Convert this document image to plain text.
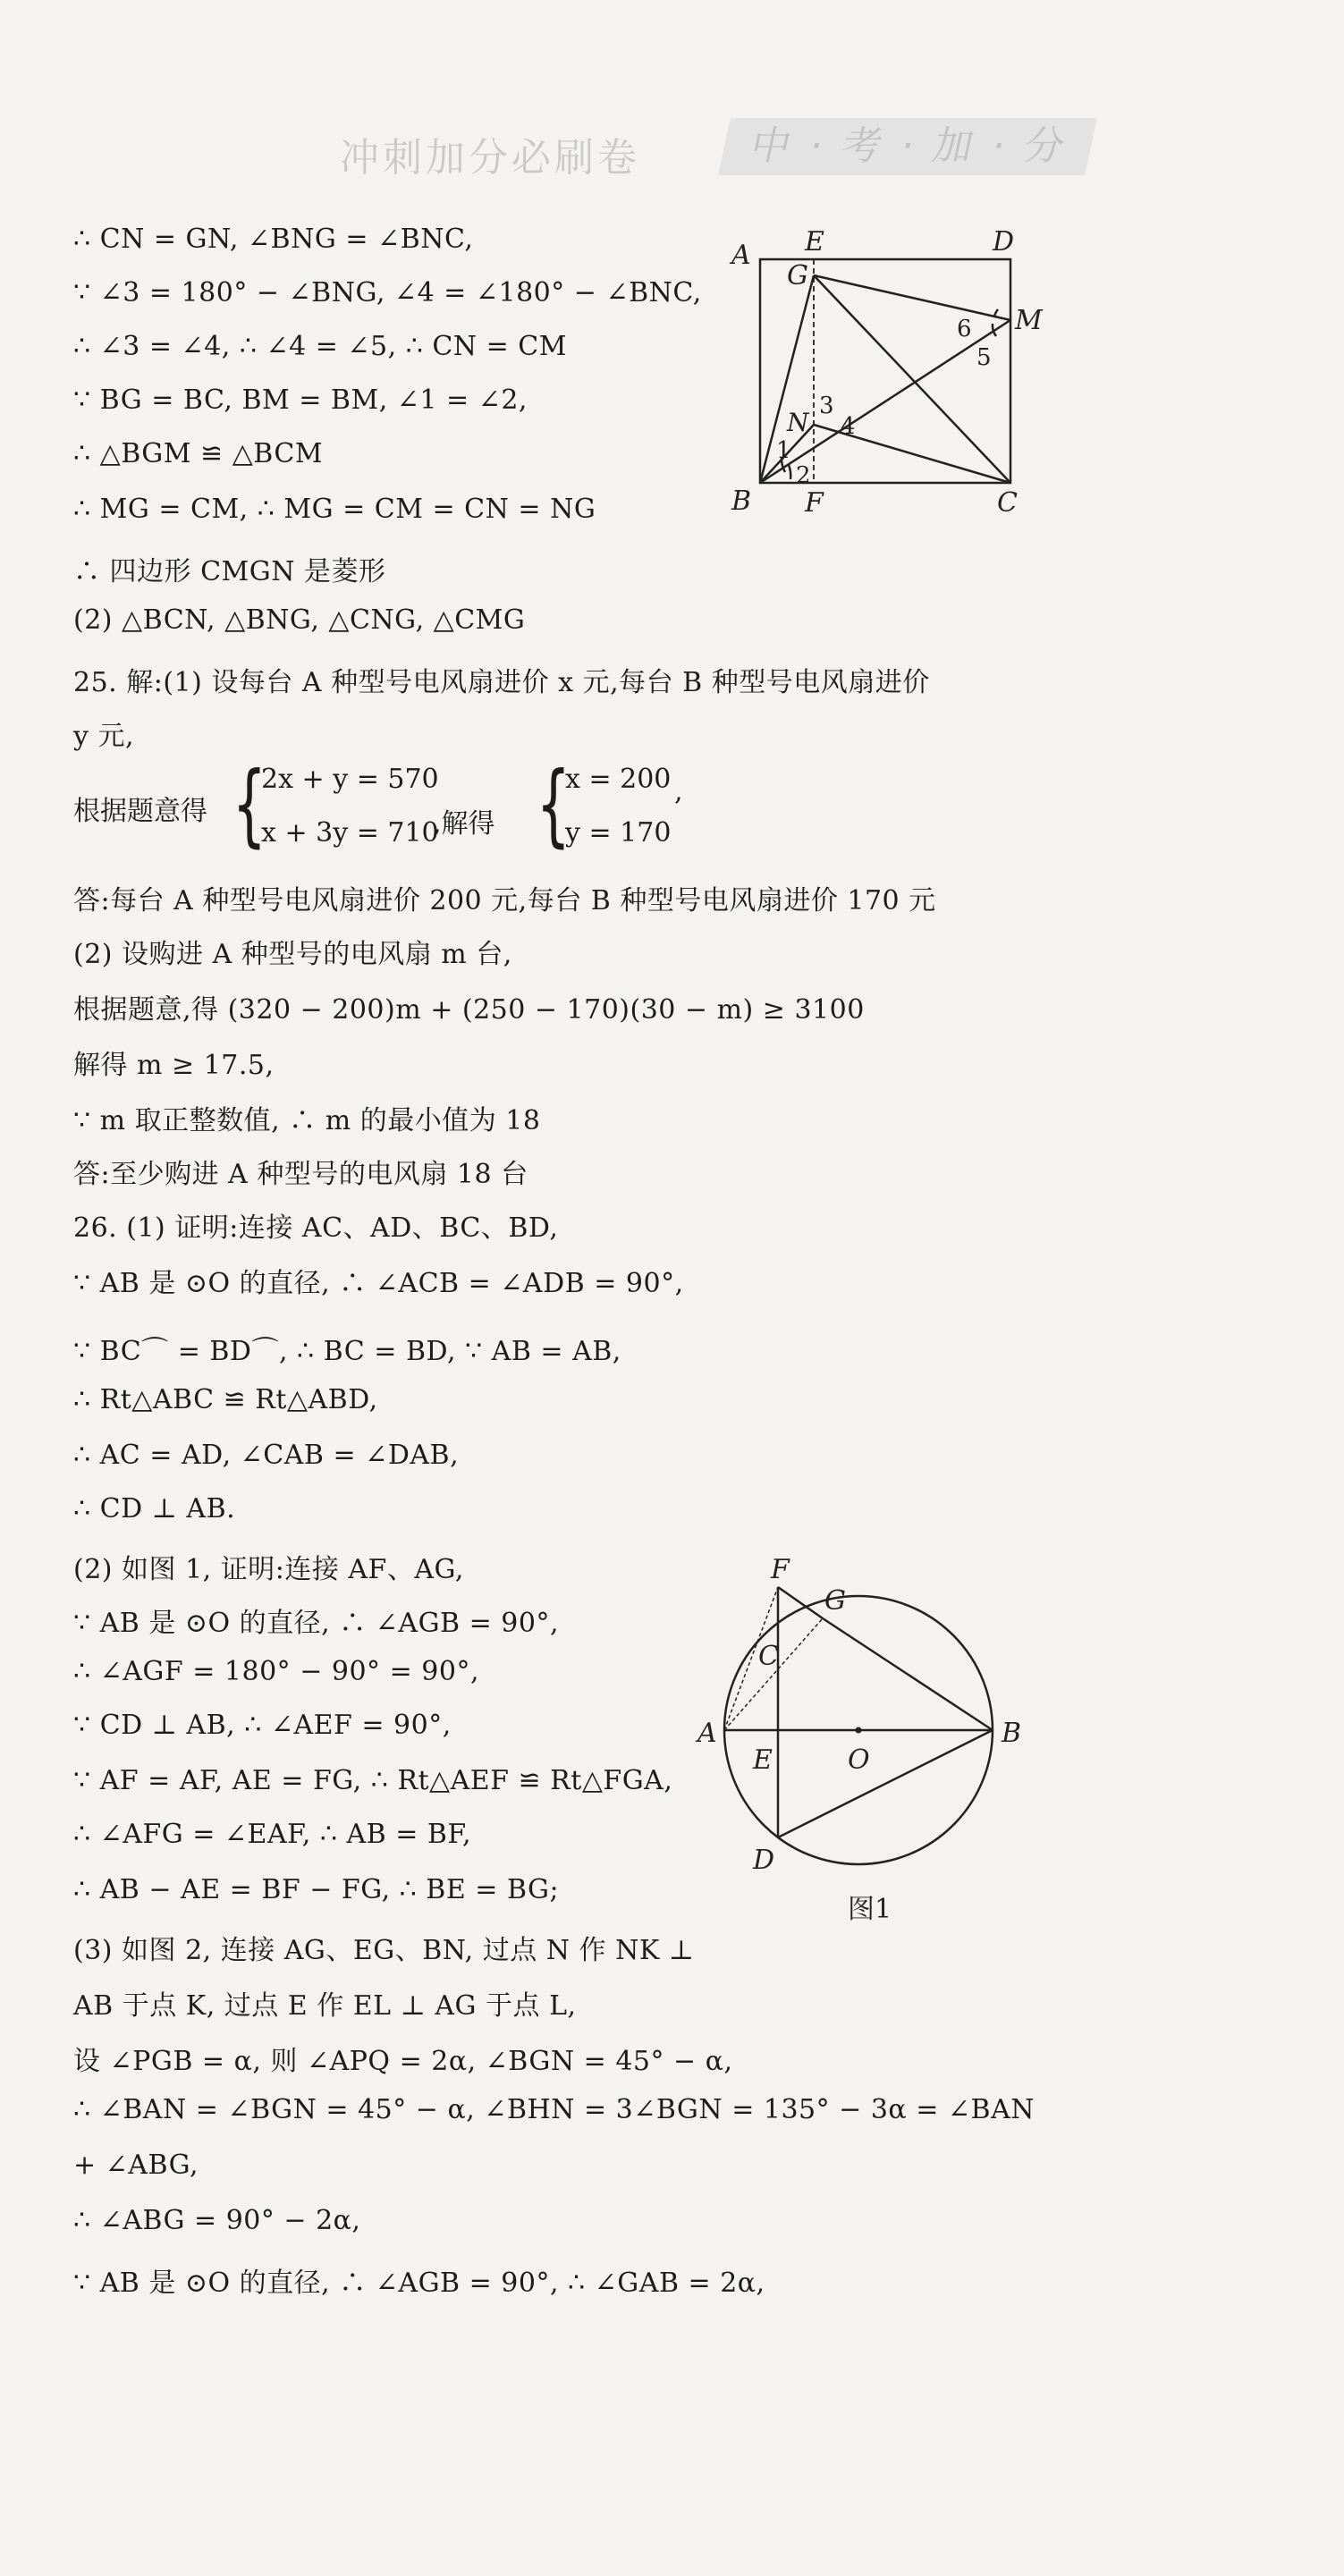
冲刺加分必刷卷	中 · 考 · 加 · 分
∴ CN = GN, ∠BNG = ∠BNC,
∵ ∠3 = 180° − ∠BNG, ∠4 = ∠180° − ∠BNC,
∴ ∠3 = ∠4, ∴ ∠4 = ∠5, ∴ CN = CM
∵ BG = BC, BM = BM, ∠1 = ∠2,
∴ △BGM ≌ △BCM
∴ MG = CM, ∴ MG = CM = CN = NG
∴ 四边形 CMGN 是菱形
(2) △BCN, △BNG, △CNG, △CMG
25. 解:(1) 设每台 A 种型号电风扇进价 x 元,每台 B 种型号电风扇进价
y 元,
根据题意得 {
2x + y = 570
x + 3y = 710
,解得 {
x = 200
y = 170
,
答:每台 A 种型号电风扇进价 200 元,每台 B 种型号电风扇进价 170 元
(2) 设购进 A 种型号的电风扇 m 台,
根据题意,得 (320 − 200)m + (250 − 170)(30 − m) ≥ 3100
解得 m ≥ 17.5,
∵ m 取正整数值, ∴ m 的最小值为 18
答:至少购进 A 种型号的电风扇 18 台
26. (1) 证明:连接 AC、AD、BC、BD,
∵ AB 是 ⊙O 的直径, ∴ ∠ACB = ∠ADB = 90°,
∵ BC⌒ = BD⌒, ∴ BC = BD, ∵ AB = AB,
∴ Rt△ABC ≌ Rt△ABD,
∴ AC = AD, ∠CAB = ∠DAB,
∴ CD ⊥ AB.
(2) 如图 1, 证明:连接 AF、AG,
∵ AB 是 ⊙O 的直径, ∴ ∠AGB = 90°,
∴ ∠AGF = 180° − 90° = 90°,
∵ CD ⊥ AB, ∴ ∠AEF = 90°,
∵ AF = AF, AE = FG, ∴ Rt△AEF ≌ Rt△FGA,
∴ ∠AFG = ∠EAF, ∴ AB = BF,
∴ AB − AE = BF − FG, ∴ BE = BG;
(3) 如图 2, 连接 AG、EG、BN, 过点 N 作 NK ⊥
AB 于点 K, 过点 E 作 EL ⊥ AG 于点 L,
设 ∠PGB = α, 则 ∠APQ = 2α, ∠BGN = 45° − α,
∴ ∠BAN = ∠BGN = 45° − α, ∠BHN = 3∠BGN = 135° − 3α = ∠BAN
+ ∠ABG,
∴ ∠ABG = 90° − 2α,
∵ AB 是 ⊙O 的直径, ∴ ∠AGB = 90°, ∴ ∠GAB = 2α,
A E	D
G
M
N
B F	C
1
2
3
4
5
6
F
G
C
A
E	O
B
D
图1
